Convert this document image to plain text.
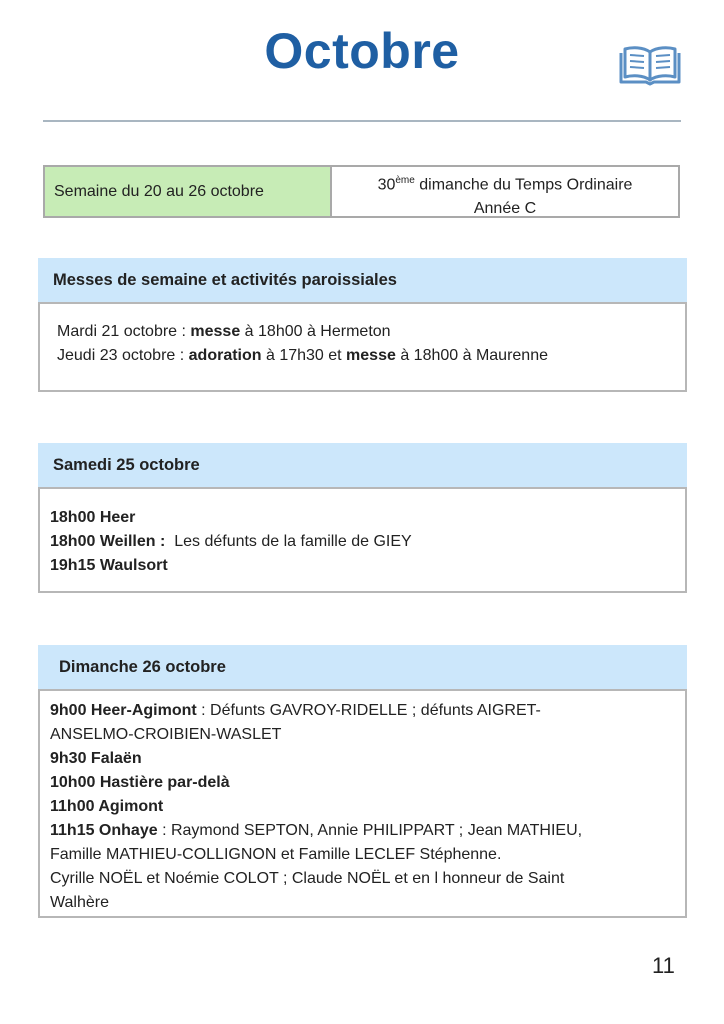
Octobre
Semaine du 20 au 26 octobre	30ème dimanche du Temps Ordinaire
Année C
Messes de semaine et activités paroissiales
Mardi 21 octobre : messe à 18h00 à Hermeton
Jeudi 23 octobre : adoration à 17h30 et messe à 18h00 à Maurenne
Samedi 25 octobre
18h00 Heer
18h00 Weillen : Les défunts de la famille de GIEY
19h15 Waulsort
Dimanche 26 octobre
9h00 Heer-Agimont : Défunts GAVROY-RIDELLE ; défunts AIGRET-
ANSELMO-CROIBIEN-WASLET
9h30 Falaën
10h00 Hastière par-delà
11h00 Agimont
11h15 Onhaye : Raymond SEPTON, Annie PHILIPPART ; Jean MATHIEU,
Famille MATHIEU-COLLIGNON et Famille LECLEF Stéphenne.
Cyrille NOËL et Noémie COLOT ; Claude NOËL et en l honneur de Saint
Walhère
11
